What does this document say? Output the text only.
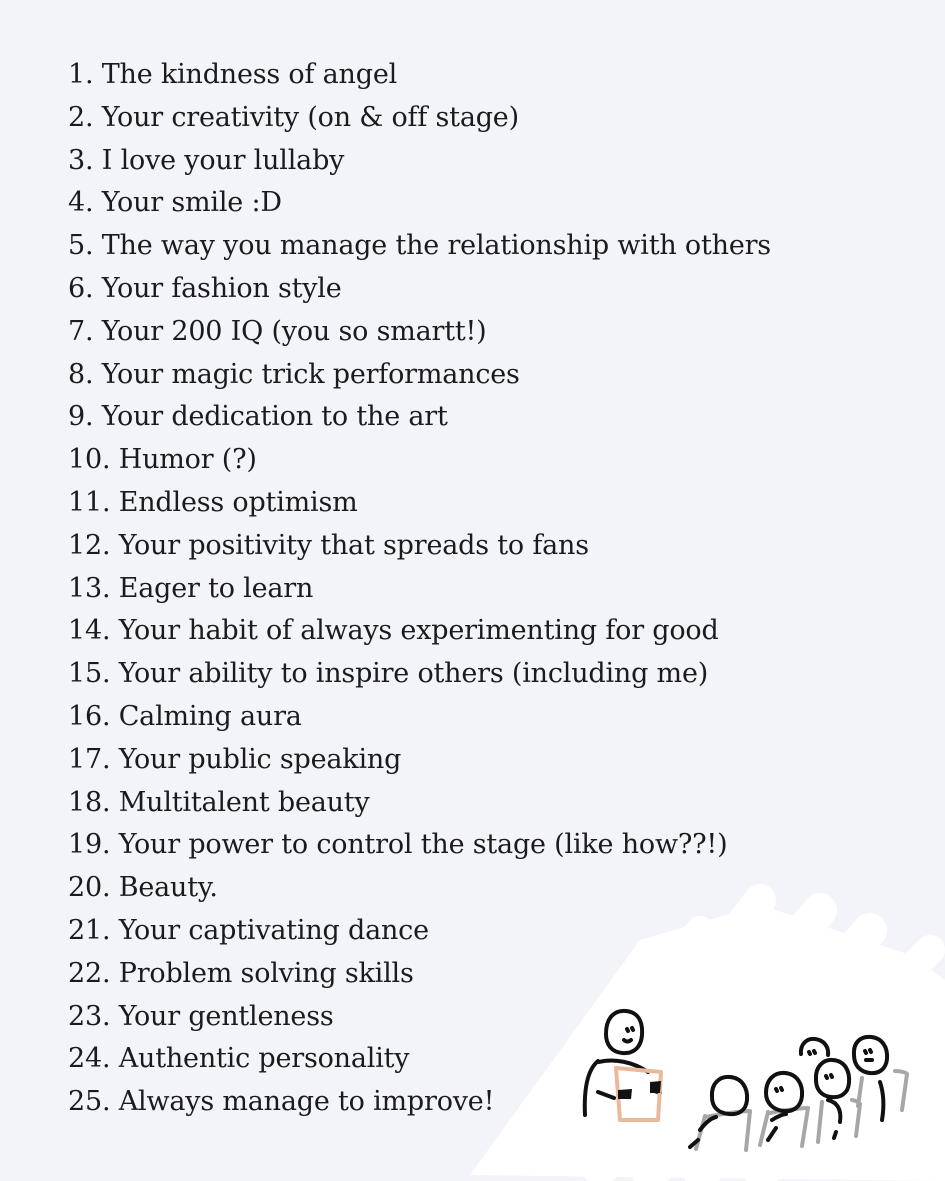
1. The kindness of angel
2. Your creativity (on & off stage)
3. I love your lullaby
4. Your smile :D
5. The way you manage the relationship with others
6. Your fashion style
7. Your 200 IQ (you so smartt!)
8. Your magic trick performances
9. Your dedication to the art
10. Humor (?)
11. Endless optimism
12. Your positivity that spreads to fans
13. Eager to learn
14. Your habit of always experimenting for good
15. Your ability to inspire others (including me)
16. Calming aura
17. Your public speaking
18. Multitalent beauty
19. Your power to control the stage (like how??!)
20. Beauty.
21. Your captivating dance
22. Problem solving skills
23. Your gentleness
24. Authentic personality
25. Always manage to improve!
